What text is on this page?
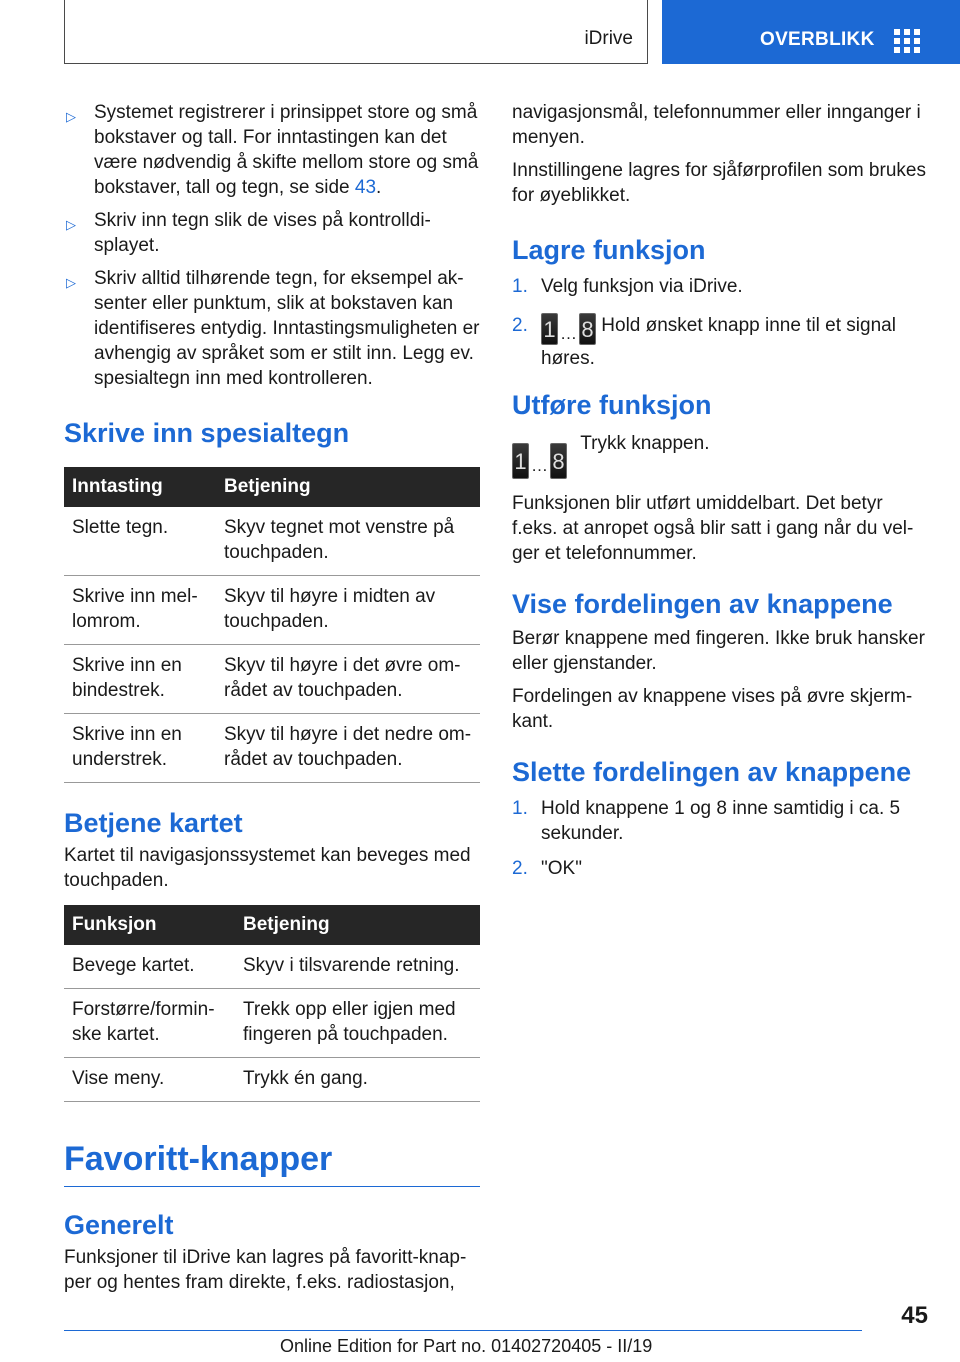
iDrive	OVERBLIKK
▷ Systemet registrerer i prinsippet store og små bokstaver og tall. For inntastingen kan det være nødvendig å skifte mellom store og små bokstaver, tall og tegn, se side 43.
▷ Skriv inn tegn slik de vises på kontrolldisplayet.
▷ Skriv alltid tilhørende tegn, for eksempel aksenter eller punktum, slik at bokstaven kan identifiseres entydig. Inntastingsmuligheten er avhengig av språket som er stilt inn. Legg ev. spesialtegn inn med kontrolleren.
Skrive inn spesialtegn
Inntasting	Betjening
Slette tegn.	Skyv tegnet mot venstre på touchpaden.
Skrive inn mellomrom.	Skyv til høyre i midten av touchpaden.
Skrive inn en bindestrek.	Skyv til høyre i det øvre området av touchpaden.
Skrive inn en understrek.	Skyv til høyre i det nedre området av touchpaden.
Betjene kartet

Kartet til navigasjonssystemet kan beveges med touchpaden.

Funksjon	Betjening
Bevege kartet.	Skyv i tilsvarende retning.
Forstørre/forminske kartet.	Trekk opp eller igjen med fingeren på touchpaden.
Vise meny.	Trykk én gang.
Favoritt-knapper
Generelt

Funksjoner til iDrive kan lagres på favoritt-knapper og hentes fram direkte, f.eks. radiostasjon,

navigasjonsmål, telefonnummer eller innganger i menyen.

Innstillingene lagres for sjåførprofilen som brukes for øyeblikket.

Lagre funksjon
1. Velg funksjon via iDrive.
2. 1 … 8 Hold ønsket knapp inne til et signal høres.
Utføre funksjon
1 … 8 Trykk knappen.

Funksjonen blir utført umiddelbart. Det betyr f.eks. at anropet også blir satt i gang når du velger et telefonnummer.

Vise fordelingen av knappene

Berør knappene med fingeren. Ikke bruk hansker eller gjenstander.

Fordelingen av knappene vises på øvre skjermkant.

Slette fordelingen av knappene
1. Hold knappene 1 og 8 inne samtidig i ca. 5 sekunder.
2. "OK"
45
Online Edition for Part no. 01402720405 - II/19
